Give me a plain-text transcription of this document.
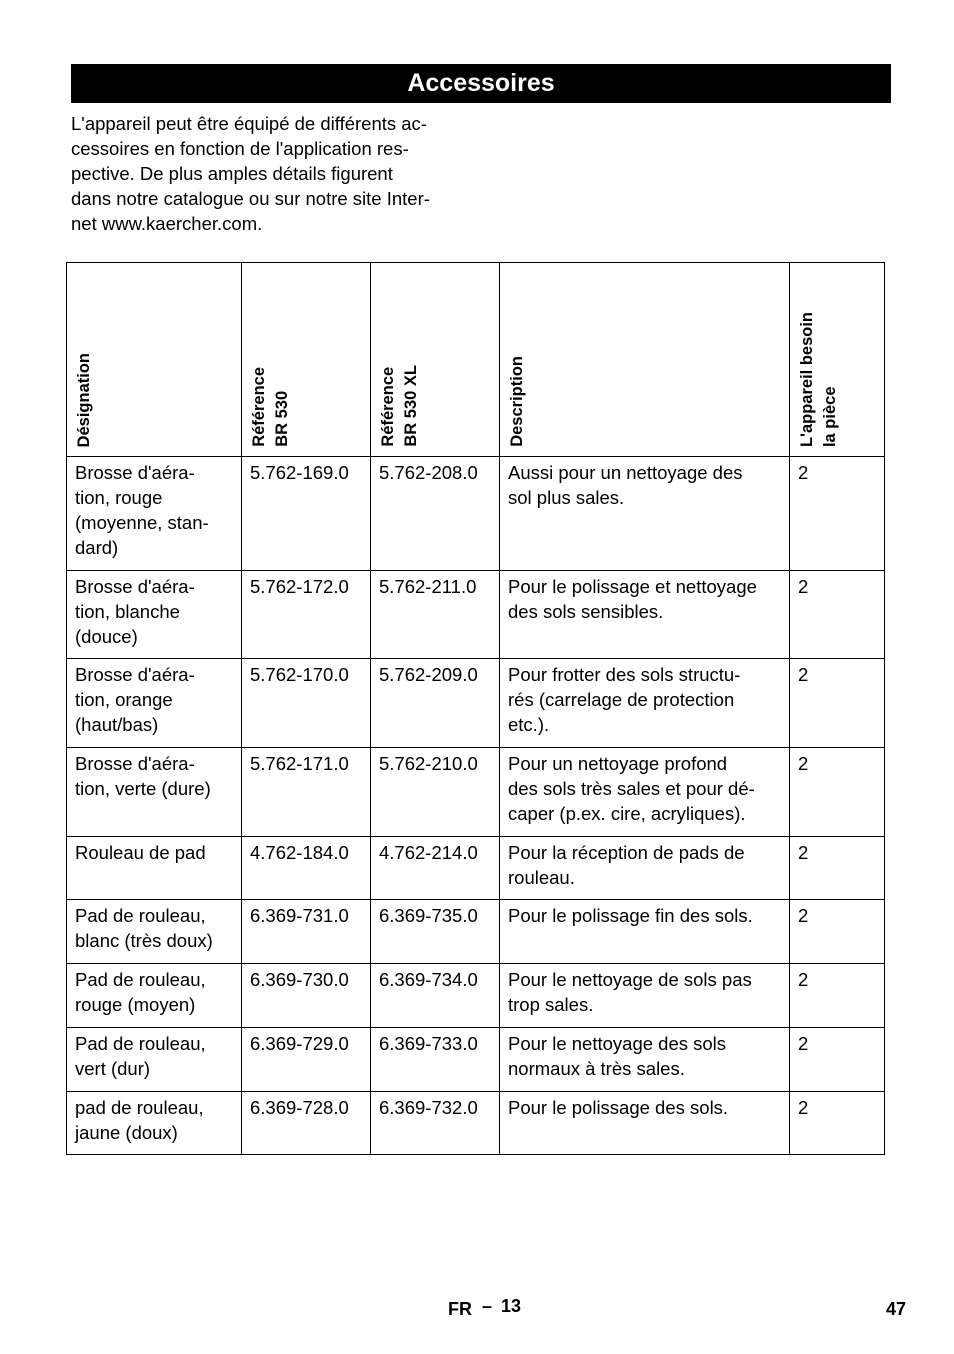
Accessoires
L'appareil peut être équipé de différents ac-
cessoires en fonction de l'application res-
pective. De plus amples détails figurent
dans notre catalogue ou sur notre site Inter-
net www.kaercher.com.
Désignation	Référence BR 530	Référence BR 530 XL	Description	L'appareil besoin la pièce

Brosse d'aéra-
tion, rouge
(moyenne, stan-
dard)	5.762-169.0	5.762-208.0	Aussi pour un nettoyage des
sol plus sales.	2

Brosse d'aéra-
tion, blanche
(douce)	5.762-172.0	5.762-211.0	Pour le polissage et nettoyage
des sols sensibles.	2

Brosse d'aéra-
tion, orange
(haut/bas)	5.762-170.0	5.762-209.0	Pour frotter des sols structu-
rés (carrelage de protection
etc.).	2

Brosse d'aéra-
tion, verte (dure)	5.762-171.0	5.762-210.0	Pour un nettoyage profond
des sols très sales et pour dé-
caper (p.ex. cire, acryliques).	2

Rouleau de pad	4.762-184.0	4.762-214.0	Pour la réception de pads de
rouleau.	2

Pad de rouleau,
blanc (très doux)	6.369-731.0	6.369-735.0	Pour le polissage fin des sols.	2

Pad de rouleau,
rouge (moyen)	6.369-730.0	6.369-734.0	Pour le nettoyage de sols pas
trop sales.	2

Pad de rouleau,
vert (dur)	6.369-729.0	6.369-733.0	Pour le nettoyage des sols
normaux à très sales.	2

pad de rouleau,
jaune (doux)	6.369-728.0	6.369-732.0	Pour le polissage des sols.	2
FR – 13	47
